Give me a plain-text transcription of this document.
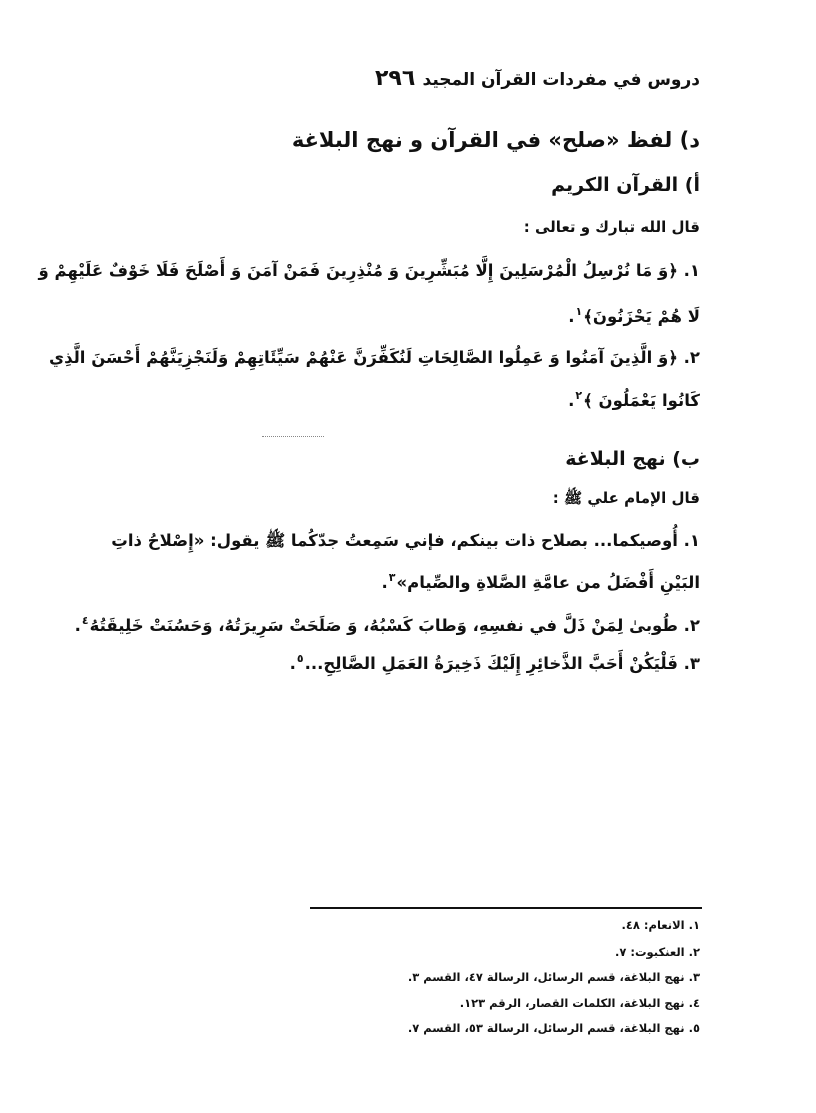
دروس في مفردات القرآن المجيد
٢٩٦
د) لفظ «صلح» في القرآن و نهج البلاغة
أ) القرآن الكريم
قال الله تبارك و تعالى :
١. ﴿وَ مَا نُرْسِلُ الْمُرْسَلِينَ إِلَّا مُبَشِّرِينَ وَ مُنْذِرِينَ فَمَنْ آمَنَ وَ أَصْلَحَ فَلَا خَوْفٌ عَلَيْهِمْ وَ
لَا هُمْ يَحْزَنُونَ﴾$^١$.
٢. ﴿وَ الَّذِينَ آمَنُوا وَ عَمِلُوا الصَّالِحَاتِ لَنُكَفِّرَنَّ عَنْهُمْ سَيِّئَاتِهِمْ وَلَنَجْزِيَنَّهُمْ أَحْسَنَ الَّذِي
كَانُوا يَعْمَلُونَ ﴾$^٢$.
ب) نهج البلاغة
قال الإمام علي ﷺ :
١. أُوصيكما... بصلاح ذات بينكم، فإني سَمِعتُ جدّكُما ﷺ يقول: «إِصْلاحُ ذاتِ
البَيْنِ أَفْضَلُ من عامَّةِ الصَّلاةِ والصِّيام»$^٣$.
٢. طُوبىٰ لِمَنْ ذَلَّ في نفسِهِ، وَطابَ كَسْبُهُ، وَ صَلَحَتْ سَرِيرَتُهُ، وَحَسُنَتْ خَلِيقَتُهُ$^٤$.
٣. فَلْيَكُنْ أَحَبَّ الذَّخائِرِ إِلَيْكَ ذَخِيرَةُ العَمَلِ الصَّالِحِ...$^٥$.
١. الانعام: ٤٨.
٢. العنكبوت: ٧.
٣. نهج البلاغة، قسم الرسائل، الرسالة ٤٧، القسم ٣.
٤. نهج البلاغة، الكلمات القصار، الرقم ١٢٣.
٥. نهج البلاغة، قسم الرسائل، الرسالة ٥٣، القسم ٧.
